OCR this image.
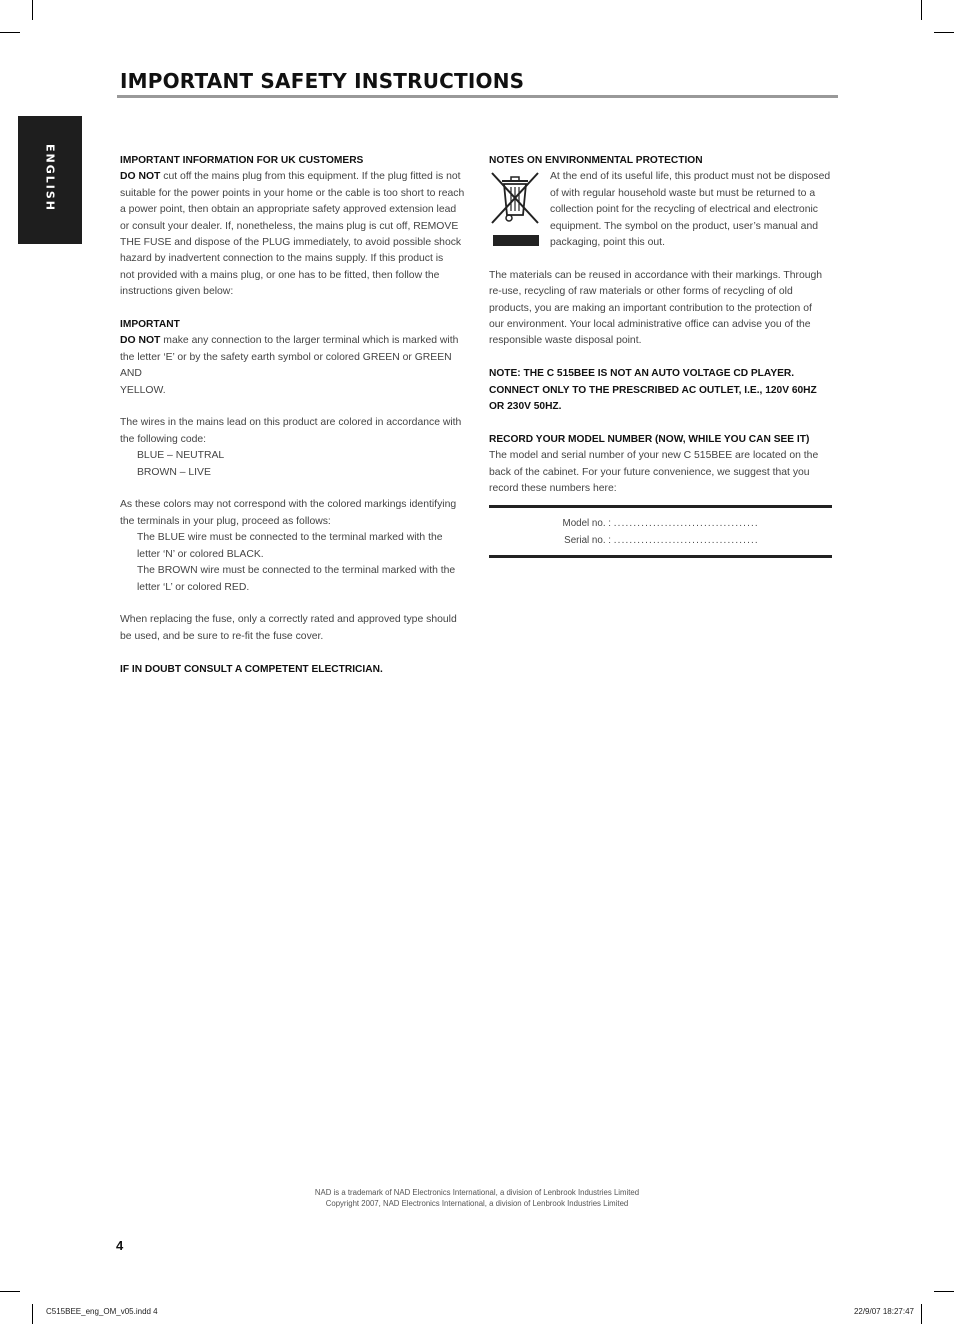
IMPORTANT SAFETY INSTRUCTIONS
ENGLISH	IMPORTANT INFORMATION FOR UK CUSTOMERS

DO NOT cut off the mains plug from this equipment. If the plug fitted is not

suitable for the power points in your home or the cable is too short to reach

a power point, then obtain an appropriate safety approved extension lead

or consult your dealer. If, nonetheless, the mains plug is cut off, REMOVE

THE FUSE and dispose of the PLUG immediately, to avoid possible shock

hazard by inadvertent connection to the mains supply. If this product is

not provided with a mains plug, or one has to be fitted, then follow the

instructions given below:

IMPORTANT

DO NOT make any connection to the larger terminal which is marked with

the letter ‘E’ or by the safety earth symbol or colored GREEN or GREEN AND

YELLOW.

The wires in the mains lead on this product are colored in accordance with

the following code:

BLUE – NEUTRAL

BROWN – LIVE

As these colors may not correspond with the colored markings identifying

the terminals in your plug, proceed as follows:

The BLUE wire must be connected to the terminal marked with the

letter ‘N’ or colored BLACK.

The BROWN wire must be connected to the terminal marked with the

letter ‘L’ or colored RED.

When replacing the fuse, only a correctly rated and approved type should

be used, and be sure to re-fit the fuse cover.

IF IN DOUBT CONSULT A COMPETENT ELECTRICIAN.

NOTES ON ENVIRONMENTAL PROTECTION

At the end of its useful life, this product must not be disposed

of with regular household waste but must be returned to a

collection point for the recycling of electrical and electronic

equipment. The symbol on the product, user’s manual and

packaging, point this out.

The materials can be reused in accordance with their markings. Through

re-use, recycling of raw materials or other forms of recycling of old

products, you are making an important contribution to the protection of

our environment. Your local administrative office can advise you of the

responsible waste disposal point.

NOTE: THE C 515BEE IS NOT AN AUTO VOLTAGE CD PLAYER.

CONNECT ONLY TO THE PRESCRIBED AC OUTLET, I.E., 120V 60HZ

OR 230V 50HZ.

RECORD YOUR MODEL NUMBER (NOW, WHILE YOU CAN SEE IT)

The model and serial number of your new C 515BEE are located on the

back of the cabinet. For your future convenience, we suggest that you

record these numbers here:

Model no. : .....................................
Serial no. : .....................................
NAD is a trademark of NAD Electronics International, a division of Lenbrook Industries Limited
Copyright 2007, NAD Electronics International, a division of Lenbrook Industries Limited
4
C515BEE_eng_OM_v05.indd 4	22/9/07 18:27:47
